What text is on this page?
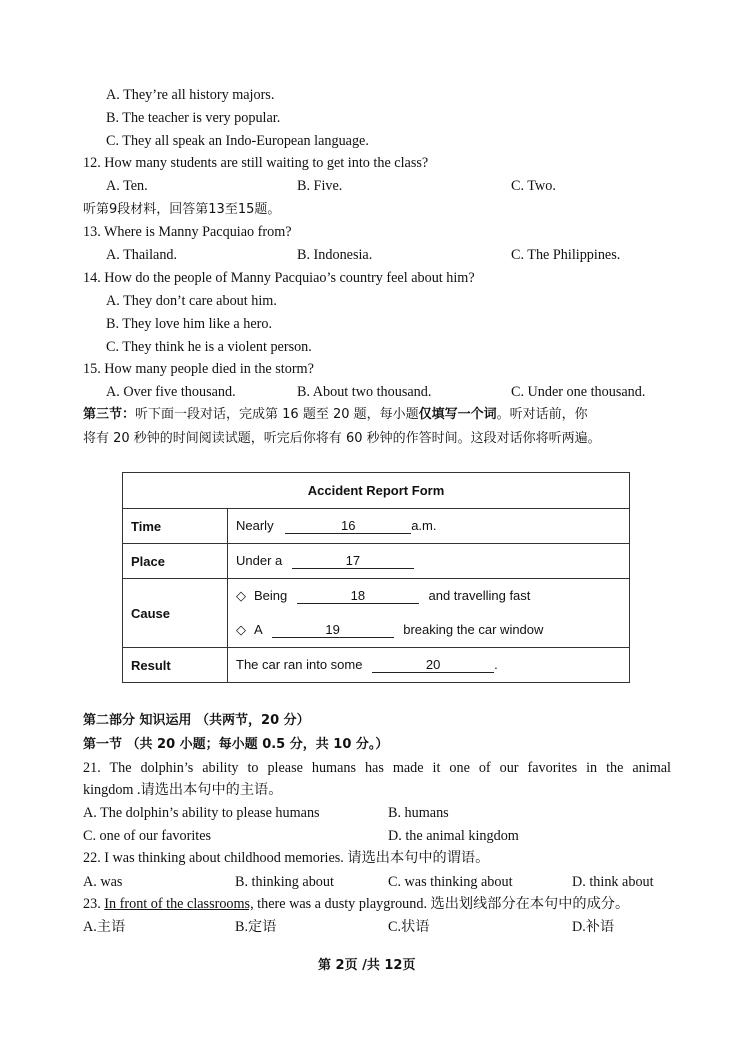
A. They’re all history majors.
B. The teacher is very popular.
C. They all speak an Indo-European language.
12. How many students are still waiting to get into the class?
A. Ten.	B. Five.	C. Two.
听第9段材料，回答第13至15题。
13. Where is Manny Pacquiao from?
A. Thailand.	B. Indonesia.	C. The Philippines.
14. How do the people of Manny Pacquiao’s country feel about him?
A. They don’t care about him.
B. They love him like a hero.
C. They think he is a violent person.
15. How many people died in the storm?
A. Over five thousand.	B. About two thousand.	C. Under one thousand.
第三节：听下面一段对话，完成第 16 题至 20 题，每小题仅填写一个词。听对话前，你
将有 20 秒钟的时间阅读试题，听完后你将有 60 秒钟的作答时间。这段对话你将听两遍。
Accident Report Form	
Time	Nearly 16 a.m.
Place	Under a 17
Cause	◇ Being 18 and travelling fast
◇ A 19 breaking the car window

Result	The car ran into some 20 .
第二部分 知识运用 （共两节，20 分）
第一节 （共 20 小题；每小题 0.5 分，共 10 分。）
21. The dolphin’s ability to please humans has made it one of our favorites in the animal
kingdom .请选出本句中的主语。
A. The dolphin’s ability to please humans	B. humans
C. one of our favorites	D. the animal kingdom
22. I was thinking about childhood memories. 请选出本句中的谓语。
A. was	B. thinking about	C. was thinking about	D. think about
23. In front of the classrooms, there was a dusty playground. 选出划线部分在本句中的成分。
A.主语	B.定语	C.状语	D.补语
第 2页 /共 12页
